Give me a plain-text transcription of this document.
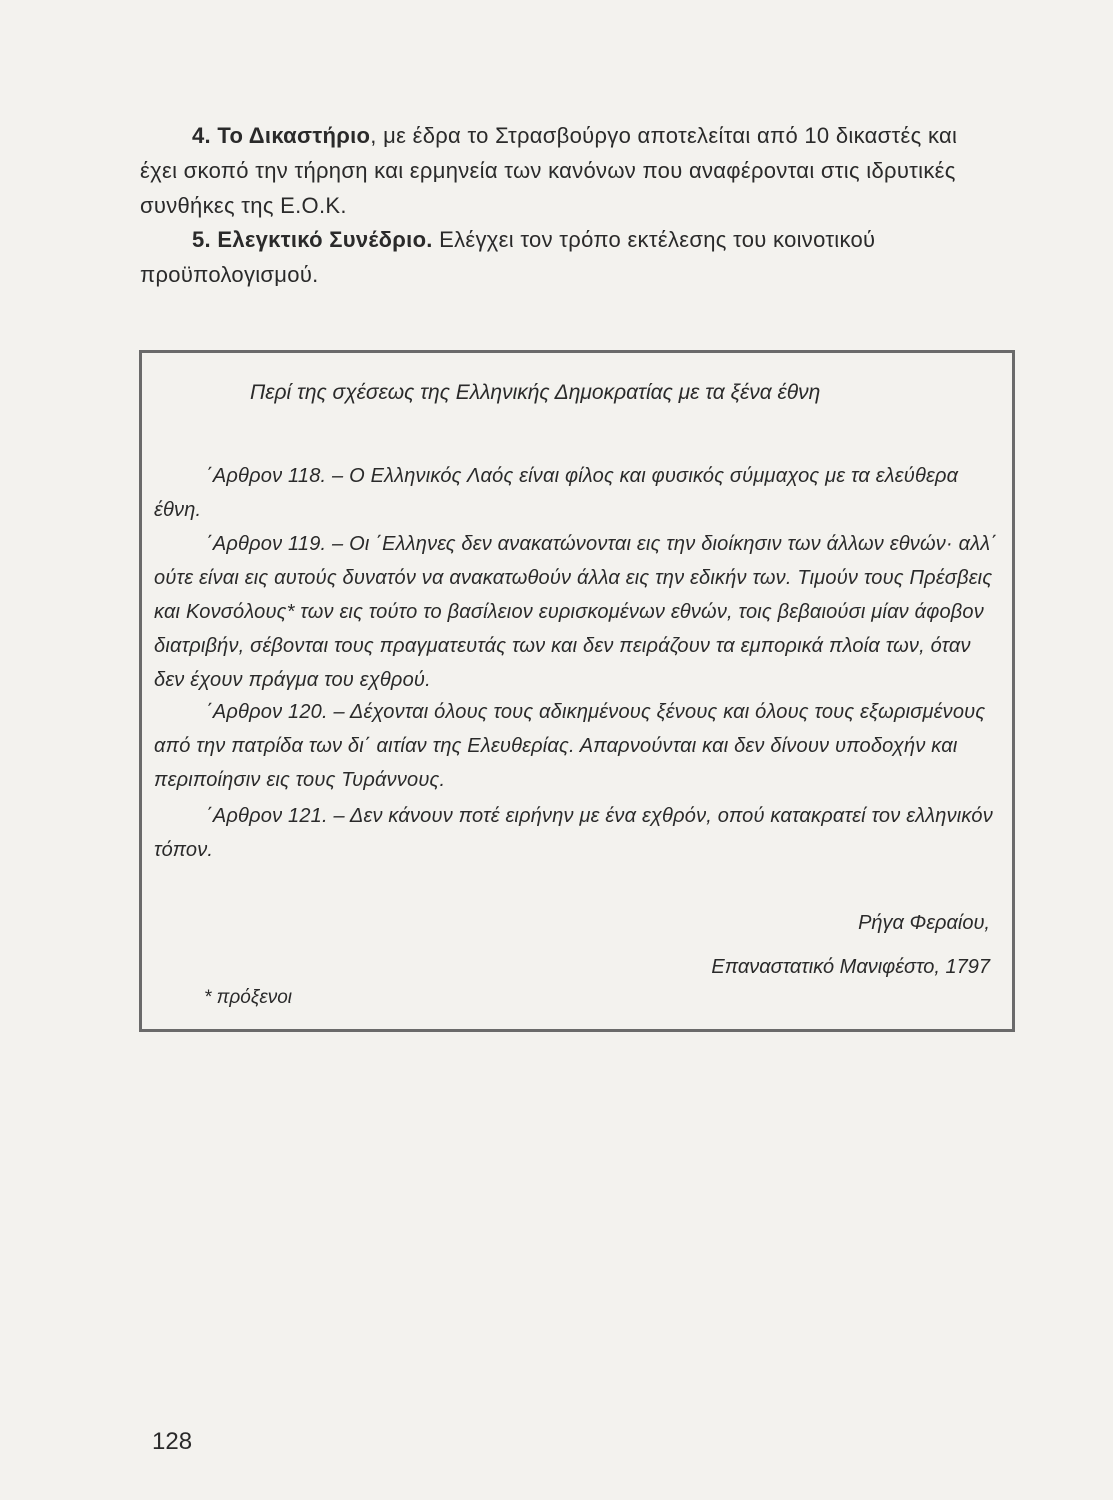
4. Το Δικαστήριο, με έδρα το Στρασβούργο αποτελείται από 10 δικαστές και έχει σκοπό την τήρηση και ερμηνεία των κανόνων που αναφέρονται στις ιδρυτικές συνθήκες της Ε.Ο.Κ.

5. Ελεγκτικό Συνέδριο. Ελέγχει τον τρόπο εκτέλεσης του κοινοτικού προϋπολογισμού.

Περί της σχέσεως της Ελληνικής Δημοκρατίας με τα ξένα έθνη

΄Αρθρον 118. – Ο Ελληνικός Λαός είναι φίλος και φυσικός σύμμαχος με τα ελεύθερα έθνη.

΄Αρθρον 119. – Οι ΄Ελληνες δεν ανακατώνονται εις την διοίκησιν των άλλων εθνών· αλλ΄ ούτε είναι εις αυτούς δυνατόν να ανακατωθούν άλλα εις την εδικήν των. Τιμούν τους Πρέσβεις και Κονσόλους* των εις τούτο το βασίλειον ευρισκομένων εθνών, τοις βεβαιούσι μίαν άφοβον διατριβήν, σέβονται τους πραγματευτάς των και δεν πειράζουν τα εμπορικά πλοία των, όταν δεν έχουν πράγμα του εχθρού.

΄Αρθρον 120. – Δέχονται όλους τους αδικημένους ξένους και όλους τους εξωρισμένους από την πατρίδα των δι΄ αιτίαν της Ελευθερίας. Απαρνούνται και δεν δίνουν υποδοχήν και περιποίησιν εις τους Τυράννους.

΄Αρθρον 121. – Δεν κάνουν ποτέ ειρήνην με ένα εχθρόν, οπού κατακρατεί τον ελληνικόν τόπον.

Ρήγα Φεραίου,
Επαναστατικό Μανιφέστο, 1797

* πρόξενοι

128
